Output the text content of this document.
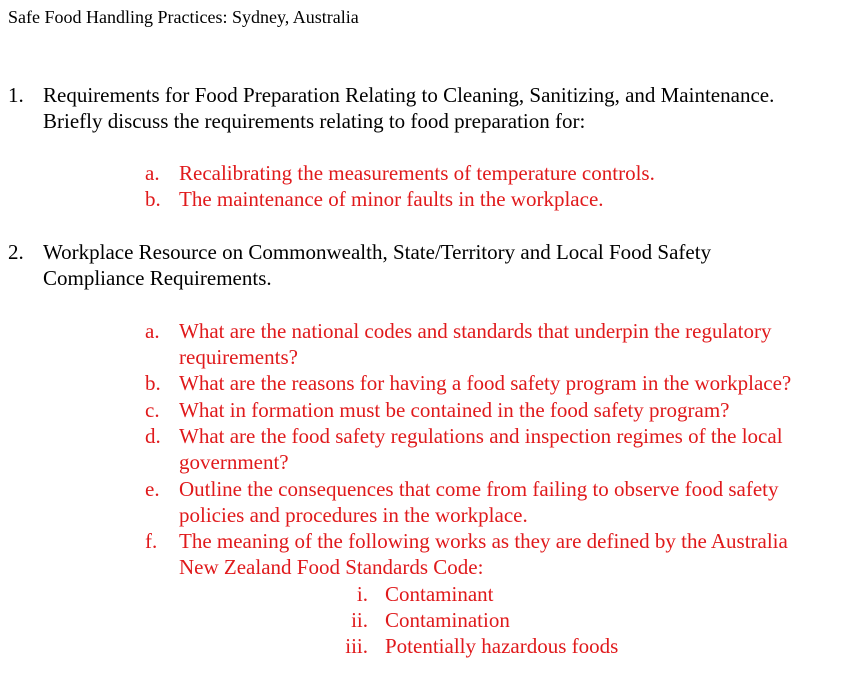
Safe Food Handling Practices: Sydney, Australia
1. Requirements for Food Preparation Relating to Cleaning, Sanitizing, and Maintenance.
Briefly discuss the requirements relating to food preparation for:
a. Recalibrating the measurements of temperature controls.
b. The maintenance of minor faults in the workplace.
2. Workplace Resource on Commonwealth, State/Territory and Local Food Safety
Compliance Requirements.
a. What are the national codes and standards that underpin the regulatory
requirements?
b. What are the reasons for having a food safety program in the workplace?
c. What in formation must be contained in the food safety program?
d. What are the food safety regulations and inspection regimes of the local
government?
e. Outline the consequences that come from failing to observe food safety
policies and procedures in the workplace.
f. The meaning of the following works as they are defined by the Australia
New Zealand Food Standards Code:
i. Contaminant
ii. Contamination
iii. Potentially hazardous foods
